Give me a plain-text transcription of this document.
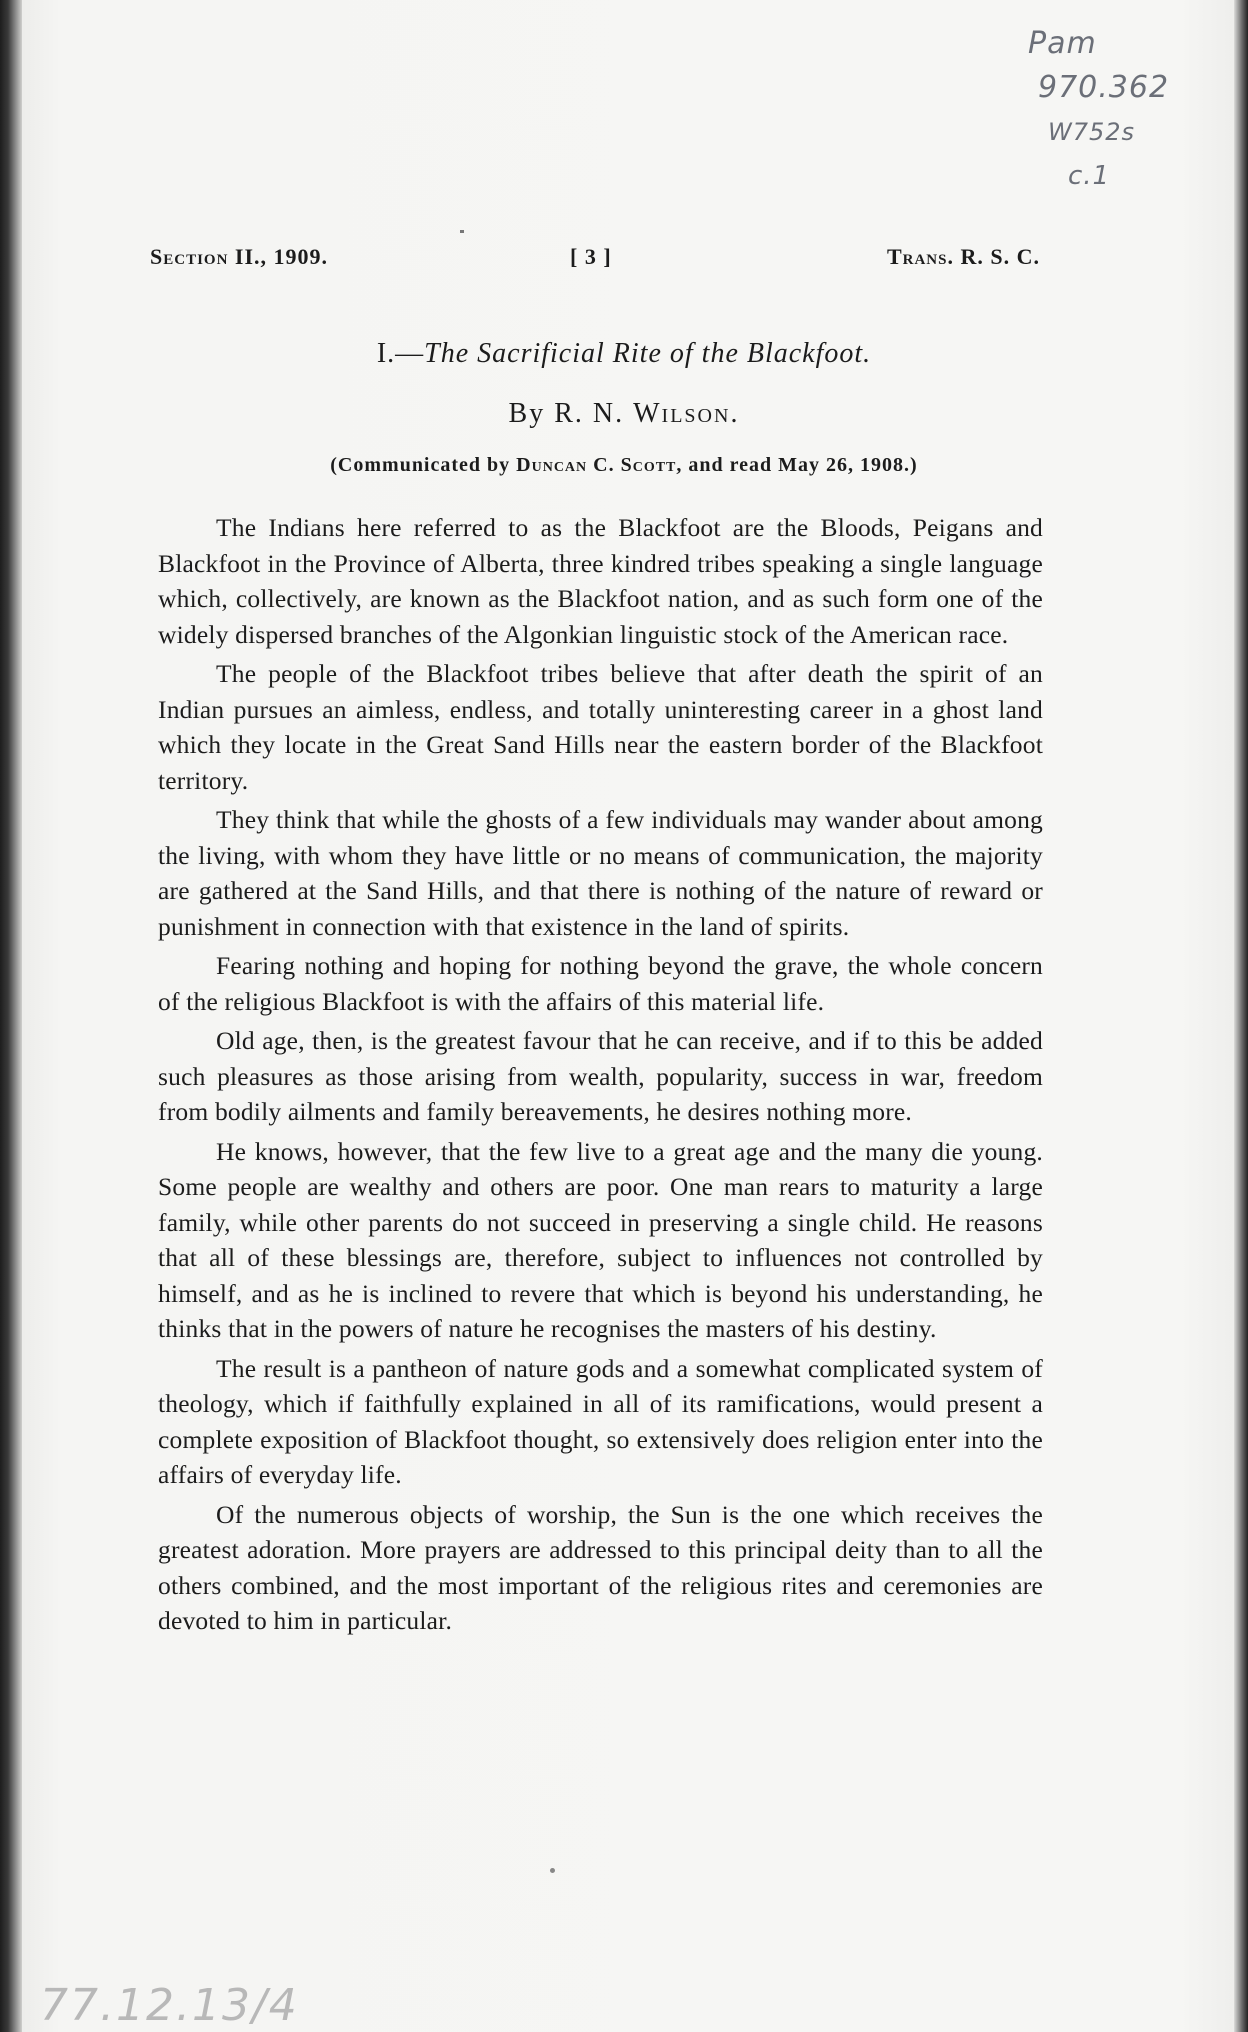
Pam
970.362
W752s
c.1
Section II., 1909.	[ 3 ]	Trans. R. S. C.
I.—The Sacrificial Rite of the Blackfoot.
By R. N. Wilson.
(Communicated by Duncan C. Scott, and read May 26, 1908.)

The Indians here referred to as the Blackfoot are the Bloods, Peigans and Blackfoot in the Province of Alberta, three kindred tribes speaking a single language which, collectively, are known as the Blackfoot nation, and as such form one of the widely dispersed branches of the Algonkian linguistic stock of the American race.

The people of the Blackfoot tribes believe that after death the spirit of an Indian pursues an aimless, endless, and totally uninteresting career in a ghost land which they locate in the Great Sand Hills near the eastern border of the Blackfoot territory.

They think that while the ghosts of a few individuals may wander about among the living, with whom they have little or no means of communication, the majority are gathered at the Sand Hills, and that there is nothing of the nature of reward or punishment in connection with that existence in the land of spirits.

Fearing nothing and hoping for nothing beyond the grave, the whole concern of the religious Blackfoot is with the affairs of this material life.

Old age, then, is the greatest favour that he can receive, and if to this be added such pleasures as those arising from wealth, popularity, success in war, freedom from bodily ailments and family bereavements, he desires nothing more.

He knows, however, that the few live to a great age and the many die young. Some people are wealthy and others are poor. One man rears to maturity a large family, while other parents do not succeed in preserving a single child. He reasons that all of these blessings are, therefore, subject to influences not controlled by himself, and as he is inclined to revere that which is beyond his understanding, he thinks that in the powers of nature he recognises the masters of his destiny.

The result is a pantheon of nature gods and a somewhat complicated system of theology, which if faithfully explained in all of its ramifications, would present a complete exposition of Blackfoot thought, so extensively does religion enter into the affairs of everyday life.

Of the numerous objects of worship, the Sun is the one which receives the greatest adoration. More prayers are addressed to this principal deity than to all the others combined, and the most important of the religious rites and ceremonies are devoted to him in particular.

77.12.13/4
